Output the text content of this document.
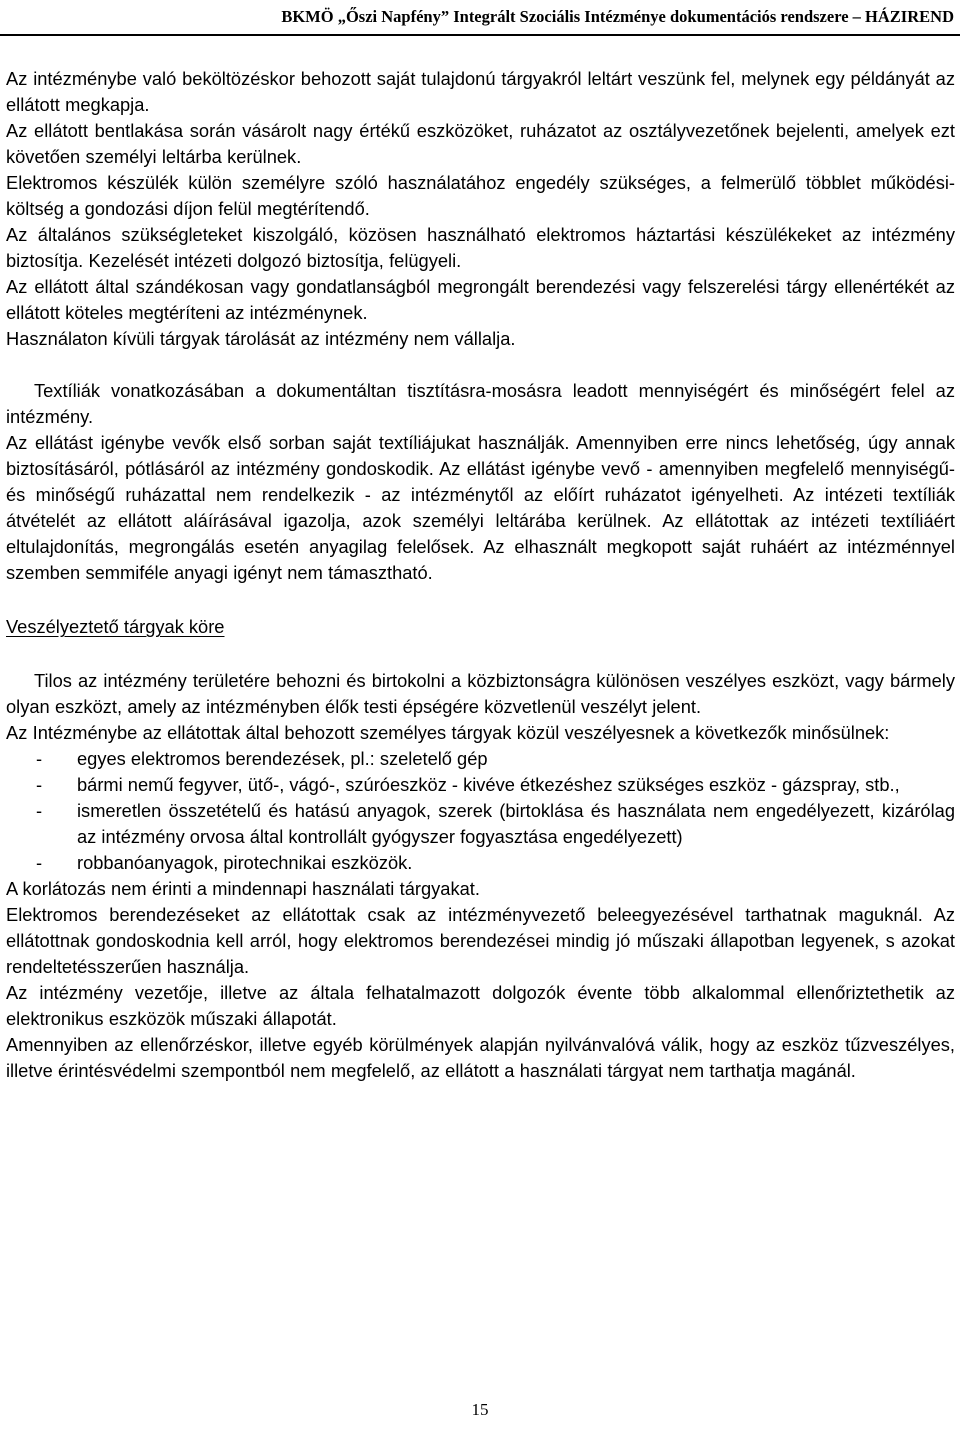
BKMÖ „Őszi Napfény” Integrált Szociális Intézménye dokumentációs rendszere – HÁZIREND

Az intézménybe való beköltözéskor behozott saját tulajdonú tárgyakról leltárt veszünk fel, melynek egy példányát az ellátott megkapja.

Az ellátott bentlakása során vásárolt nagy értékű eszközöket, ruházatot az osztályvezetőnek bejelenti, amelyek ezt követően személyi leltárba kerülnek.

Elektromos készülék külön személyre szóló használatához engedély szükséges, a felmerülő többlet működési-költség a gondozási díjon felül megtérítendő.

Az általános szükségleteket kiszolgáló, közösen használható elektromos háztartási készülékeket az intézmény biztosítja. Kezelését intézeti dolgozó biztosítja, felügyeli.

Az ellátott által szándékosan vagy gondatlanságból megrongált berendezési vagy felszerelési tárgy ellenértékét az ellátott köteles megtéríteni az intézménynek.

Használaton kívüli tárgyak tárolását az intézmény nem vállalja.

Textíliák vonatkozásában a dokumentáltan tisztításra-mosásra leadott mennyiségért és minőségért felel az intézmény.

Az ellátást igénybe vevők első sorban saját textíliájukat használják. Amennyiben erre nincs lehetőség, úgy annak biztosításáról, pótlásáról az intézmény gondoskodik. Az ellátást igénybe vevő - amennyiben megfelelő mennyiségű- és minőségű ruházattal nem rendelkezik - az intézménytől az előírt ruházatot igényelheti. Az intézeti textíliák átvételét az ellátott aláírásával igazolja, azok személyi leltárába kerülnek. Az ellátottak az intézeti textíliáért eltulajdonítás, megrongálás esetén anyagilag felelősek. Az elhasznált megkopott saját ruháért az intézménnyel szemben semmiféle anyagi igényt nem támasztható.

Veszélyeztető tárgyak köre

Tilos az intézmény területére behozni és birtokolni a közbiztonságra különösen veszélyes eszközt, vagy bármely olyan eszközt, amely az intézményben élők testi épségére közvetlenül veszélyt jelent.

Az Intézménybe az ellátottak által behozott személyes tárgyak közül veszélyesnek a következők minősülnek:

- egyes elektromos berendezések, pl.: szeletelő gép
- bármi nemű fegyver, ütő-, vágó-, szúróeszköz - kivéve étkezéshez szükséges eszköz - gázspray, stb.,
- ismeretlen összetételű és hatású anyagok, szerek (birtoklása és használata nem engedélyezett, kizárólag az intézmény orvosa által kontrollált gyógyszer fogyasztása engedélyezett)
- robbanóanyagok, pirotechnikai eszközök.

A korlátozás nem érinti a mindennapi használati tárgyakat.

Elektromos berendezéseket az ellátottak csak az intézményvezető beleegyezésével tarthatnak maguknál. Az ellátottnak gondoskodnia kell arról, hogy elektromos berendezései mindig jó műszaki állapotban legyenek, s azokat rendeltetésszerűen használja.

Az intézmény vezetője, illetve az általa felhatalmazott dolgozók évente több alkalommal ellenőriztethetik az elektronikus eszközök műszaki állapotát.

Amennyiben az ellenőrzéskor, illetve egyéb körülmények alapján nyilvánvalóvá válik, hogy az eszköz tűzveszélyes, illetve érintésvédelmi szempontból nem megfelelő, az ellátott a használati tárgyat nem tarthatja magánál.

15
